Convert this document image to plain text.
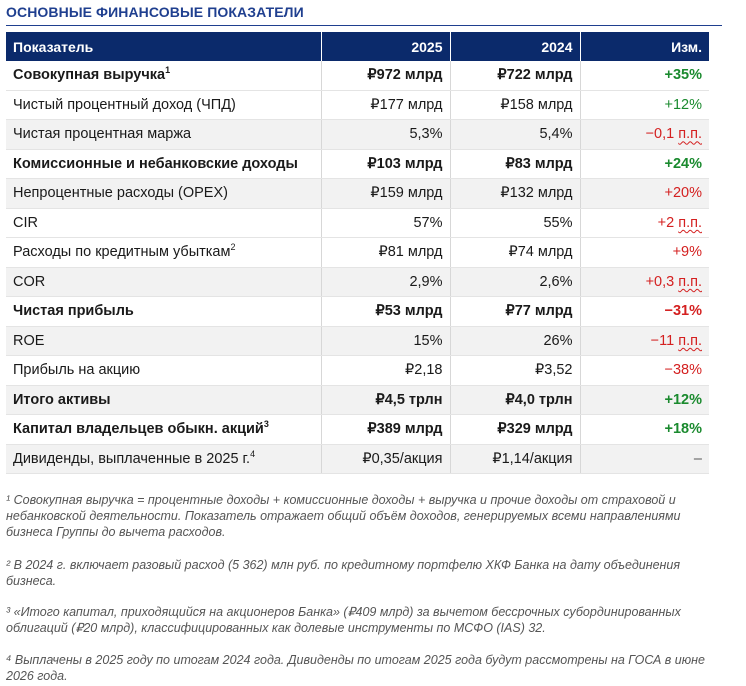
ОСНОВНЫЕ ФИНАНСОВЫЕ ПОКАЗАТЕЛИ
Показатель	2025	2024	Изм.
Совокупная выручка$^1$	₽972 млрд	₽722 млрд	+35%
Чистый процентный доход (ЧПД)	₽177 млрд	₽158 млрд	+12%
Чистая процентная маржа	5,3%	5,4%	−0,1 п.п.
Комиссионные и небанковские доходы	₽103 млрд	₽83 млрд	+24%
Непроцентные расходы (OPEX)	₽159 млрд	₽132 млрд	+20%
CIR	57%	55%	+2 п.п.
Расходы по кредитным убыткам$^2$	₽81 млрд	₽74 млрд	+9%
COR	2,9%	2,6%	+0,3 п.п.
Чистая прибыль	₽53 млрд	₽77 млрд	−31%
ROE	15%	26%	−11 п.п.
Прибыль на акцию	₽2,18	₽3,52	−38%
Итого активы	₽4,5 трлн	₽4,0 трлн	+12%
Капитал владельцев обыкн. акций$^3$	₽389 млрд	₽329 млрд	+18%
Дивиденды, выплаченные в 2025 г.$^4$	₽0,35/акция	₽1,14/акция	–
¹ Совокупная выручка = процентные доходы + комиссионные доходы + выручка и прочие доходы от страховой и небанковской деятельности. Показатель отражает общий объём доходов, генерируемых всеми направлениями бизнеса Группы до вычета расходов.
² В 2024 г. включает разовый расход (5 362) млн руб. по кредитному портфелю ХКФ Банка на дату объединения бизнеса.
³ «Итого капитал, приходящийся на акционеров Банка» (₽409 млрд) за вычетом бессрочных субординированных облигаций (₽20 млрд), классифицированных как долевые инструменты по МСФО (IAS) 32.
⁴ Выплачены в 2025 году по итогам 2024 года. Дивиденды по итогам 2025 года будут рассмотрены на ГОСА в июне 2026 года.
